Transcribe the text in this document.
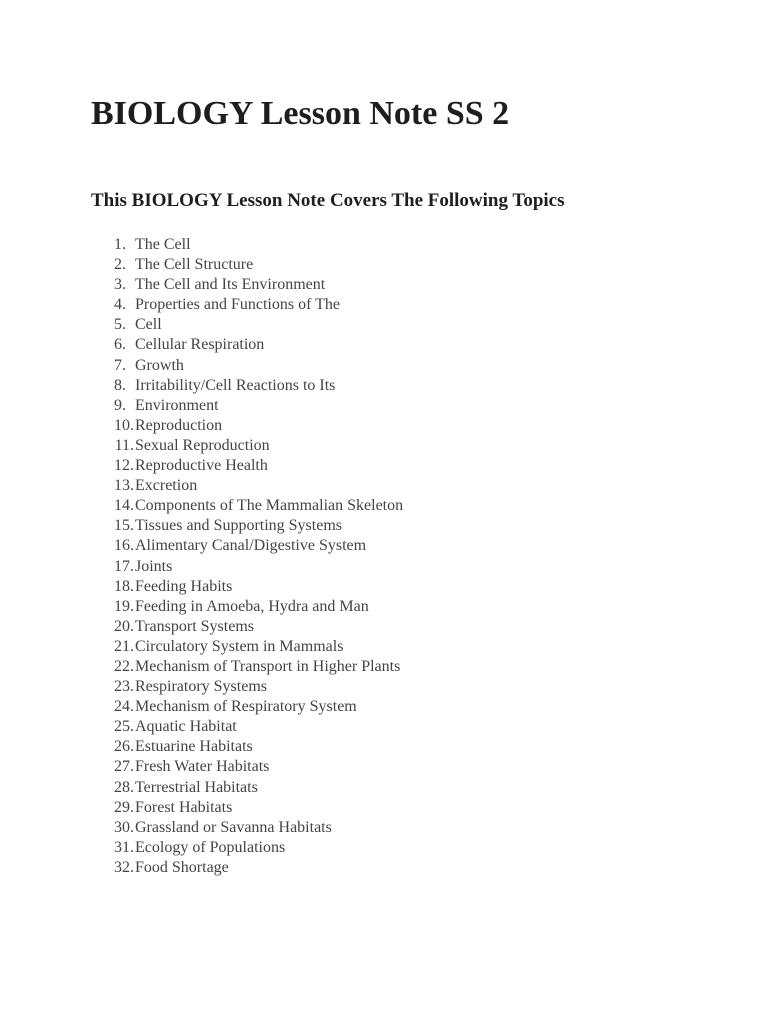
BIOLOGY Lesson Note SS 2
This BIOLOGY Lesson Note Covers The Following Topics
1. The Cell
2. The Cell Structure
3. The Cell and Its Environment
4. Properties and Functions of The
5. Cell
6. Cellular Respiration
7. Growth
8. Irritability/Cell Reactions to Its
9. Environment
10. Reproduction
11. Sexual Reproduction
12. Reproductive Health
13. Excretion
14. Components of The Mammalian Skeleton
15. Tissues and Supporting Systems
16. Alimentary Canal/Digestive System
17. Joints
18. Feeding Habits
19. Feeding in Amoeba, Hydra and Man
20. Transport Systems
21. Circulatory System in Mammals
22. Mechanism of Transport in Higher Plants
23. Respiratory Systems
24. Mechanism of Respiratory System
25. Aquatic Habitat
26. Estuarine Habitats
27. Fresh Water Habitats
28. Terrestrial Habitats
29. Forest Habitats
30. Grassland or Savanna Habitats
31. Ecology of Populations
32. Food Shortage
